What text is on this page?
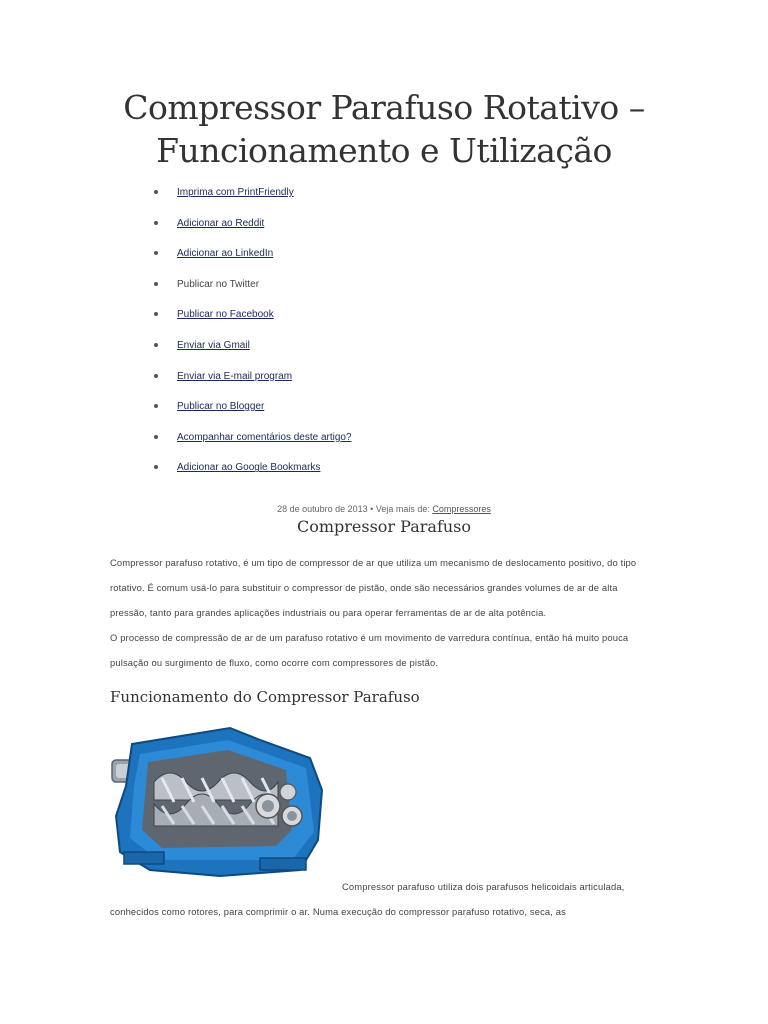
Compressor Parafuso Rotativo – Funcionamento e Utilização
Imprima com PrintFriendly
Adicionar ao Reddit
Adicionar ao LinkedIn
Publicar no Twitter
Publicar no Facebook
Enviar via Gmail
Enviar via E-mail program
Publicar no Blogger
Acompanhar comentários deste artigo?
Adicionar ao Google Bookmarks
28 de outubro de 2013 • Veja mais de: Compressores
Compressor Parafuso

Compressor parafuso rotativo, é um tipo de compressor de ar que utiliza um mecanismo de deslocamento positivo, do tipo rotativo. É comum usá-lo para substituir o compressor de pistão, onde são necessários grandes volumes de ar de alta pressão, tanto para grandes aplicações industriais ou para operar ferramentas de ar de alta potência.

O processo de compressão de ar de um parafuso rotativo é um movimento de varredura contínua, então há muito pouca pulsação ou surgimento de fluxo, como ocorre com compressores de pistão.

Funcionamento do Compressor Parafuso

Compressor parafuso utiliza dois parafusos helicoidais articulada, conhecidos como rotores, para comprimir o ar. Numa execução do compressor parafuso rotativo, seca, as
